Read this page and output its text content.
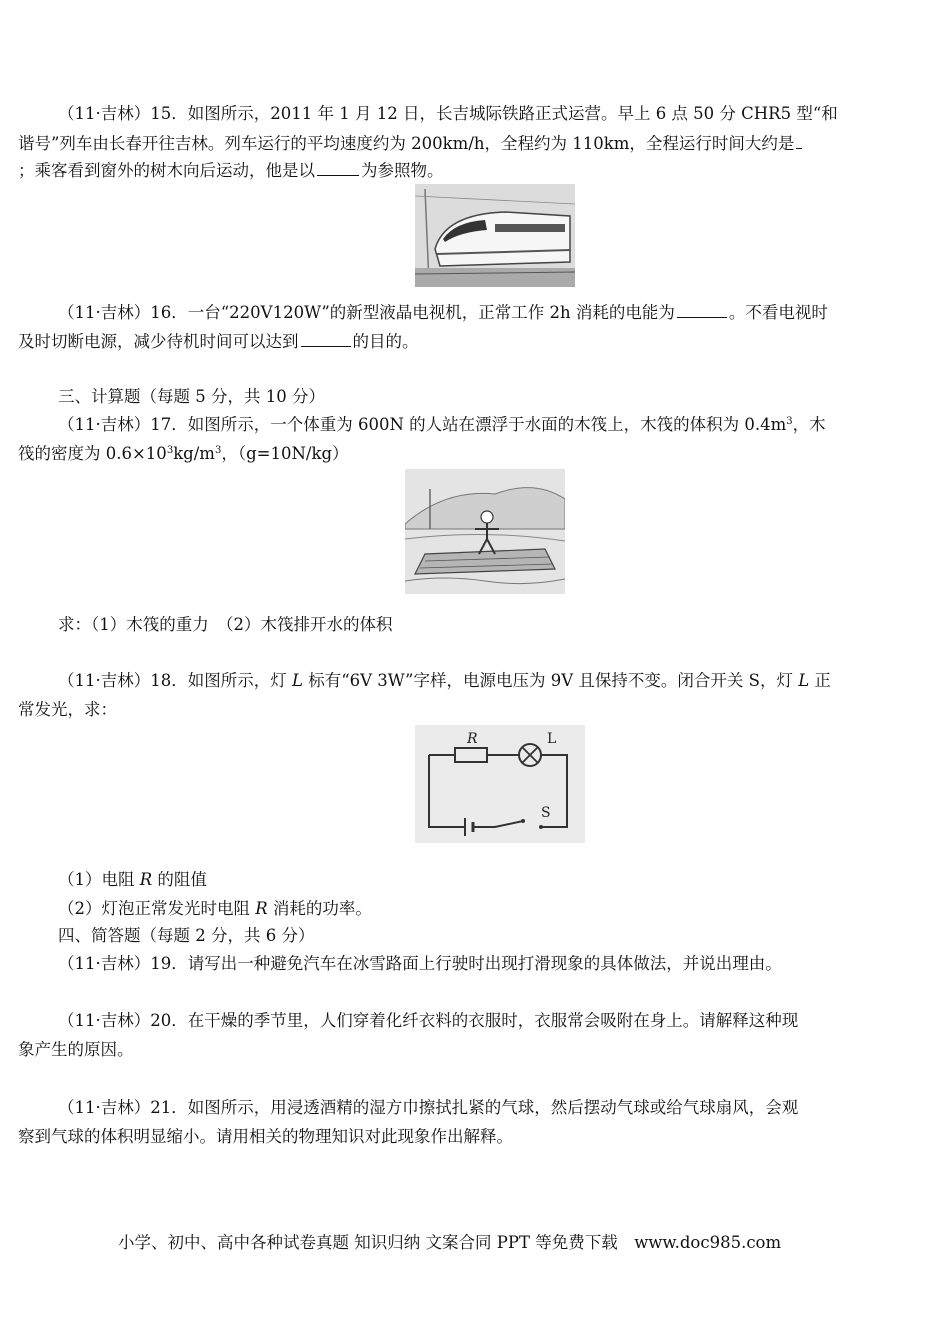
（11·吉林）15．如图所示，2011 年 1 月 12 日，长吉城际铁路正式运营。早上 6 点 50 分 CHR5 型“和
谐号”列车由长春开往吉林。列车运行的平均速度约为 200km/h，全程约为 110km，全程运行时间大约是
；乘客看到窗外的树木向后运动，他是以	为参照物。
（11·吉林）16．一台“220V120W”的新型液晶电视机，正常工作 2h 消耗的电能为	。不看电视时
及时切断电源，减少待机时间可以达到	的目的。
三、计算题（每题 5 分，共 10 分）
（11·吉林）17．如图所示，一个体重为 600N 的人站在漂浮于水面的木筏上，木筏的体积为 $0.4m^3$，木
筏的密度为 $0.6\times 10^3kg/m^3$，（g=10N/kg）
求：（1）木筏的重力　（2）木筏排开水的体积
（11·吉林）18．如图所示，灯 L 标有“6V 3W”字样，电源电压为 9V 且保持不变。闭合开关 S，灯 L 正
常发光，求：
R	L
S
（1）电阻 R 的阻值
（2）灯泡正常发光时电阻 R 消耗的功率。
四、简答题（每题 2 分，共 6 分）
（11·吉林）19．请写出一种避免汽车在冰雪路面上行驶时出现打滑现象的具体做法，并说出理由。
（11·吉林）20．在干燥的季节里，人们穿着化纤衣料的衣服时，衣服常会吸附在身上。请解释这种现
象产生的原因。
（11·吉林）21．如图所示，用浸透酒精的湿方巾擦拭扎紧的气球，然后摆动气球或给气球扇风，会观
察到气球的体积明显缩小。请用相关的物理知识对此现象作出解释。
小学、初中、高中各种试卷真题 知识归纳 文案合同 PPT 等免费下载　www.doc985.com
